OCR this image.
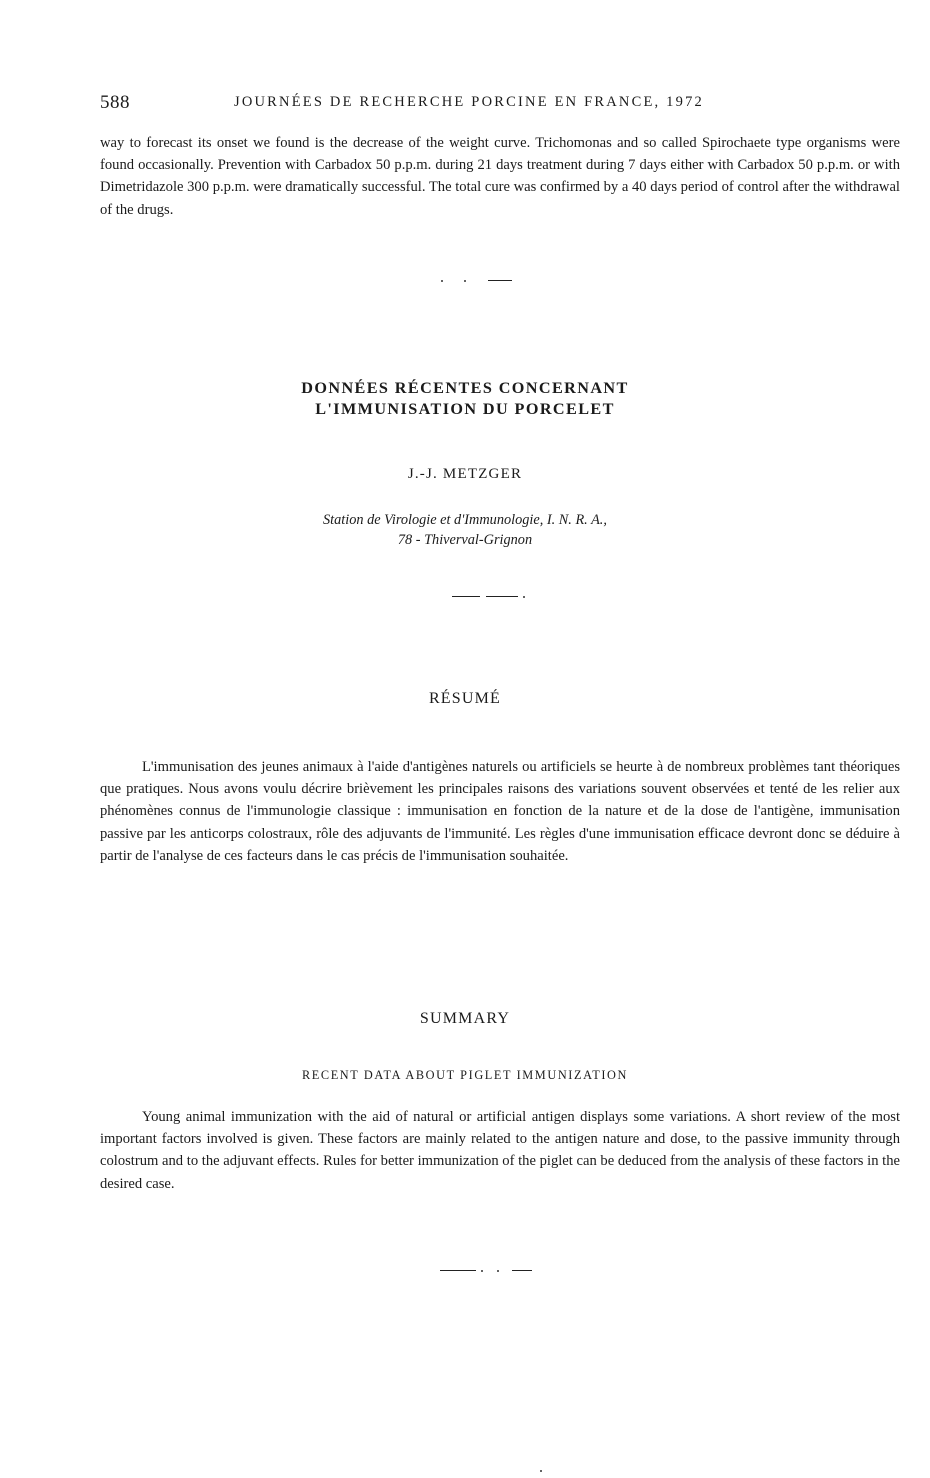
588	JOURNÉES DE RECHERCHE PORCINE EN FRANCE, 1972

way to forecast its onset we found is the decrease of the weight curve. Trichomonas and so called Spirochaete type organisms were found occasionally. Prevention with Carbadox 50 p.p.m. during 21 days treatment during 7 days either with Carbadox 50 p.p.m. or with Dimetridazole 300 p.p.m. were dramatically successful. The total cure was confirmed by a 40 days period of control after the withdrawal of the drugs.

DONNÉES RÉCENTES CONCERNANT
L'IMMUNISATION DU PORCELET
J.-J. METZGER
Station de Virologie et d'Immunologie, I. N. R. A.,
78 - Thiverval-Grignon
RÉSUMÉ

L'immunisation des jeunes animaux à l'aide d'antigènes naturels ou artificiels se heurte à de nombreux problèmes tant théoriques que pratiques. Nous avons voulu décrire brièvement les principales raisons des variations souvent observées et tenté de les relier aux phénomènes connus de l'immunologie classique : immunisation en fonction de la nature et de la dose de l'antigène, immunisation passive par les anticorps colostraux, rôle des adjuvants de l'immunité. Les règles d'une immunisation efficace devront donc se déduire à partir de l'analyse de ces facteurs dans le cas précis de l'immunisation souhaitée.

SUMMARY
RECENT DATA ABOUT PIGLET IMMUNIZATION

Young animal immunization with the aid of natural or artificial antigen displays some variations. A short review of the most important factors involved is given. These factors are mainly related to the antigen nature and dose, to the passive immunity through colostrum and to the adjuvant effects. Rules for better immunization of the piglet can be deduced from the analysis of these factors in the desired case.
